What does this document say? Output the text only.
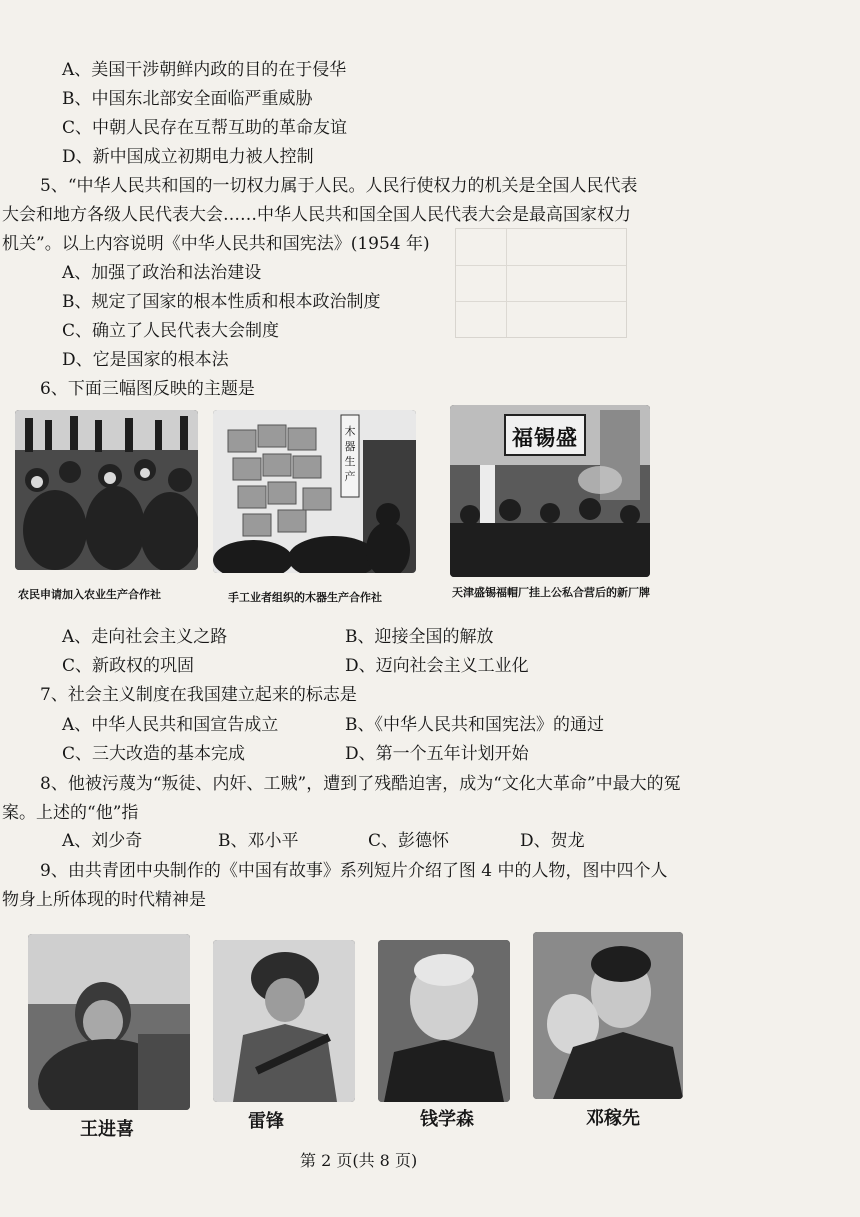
A、美国干涉朝鲜内政的目的在于侵华
B、中国东北部安全面临严重威胁
C、中朝人民存在互帮互助的革命友谊
D、新中国成立初期电力被人控制
5、“中华人民共和国的一切权力属于人民。人民行使权力的机关是全国人民代表
大会和地方各级人民代表大会……中华人民共和国全国人民代表大会是最高国家权力
机关”。以上内容说明《中华人民共和国宪法》(1954 年)
A、加强了政治和法治建设
B、规定了国家的根本性质和根本政治制度
C、确立了人民代表大会制度
D、它是国家的根本法
6、下面三幅图反映的主题是
农民申请加入农业生产合作社
木
器
生
产
手工业者组织的木器生产合作社
福锡盛
天津盛锡福帽厂挂上公私合营后的新厂牌
A、走向社会主义之路	B、迎接全国的解放
C、新政权的巩固	D、迈向社会主义工业化
7、社会主义制度在我国建立起来的标志是
A、中华人民共和国宣告成立	B、《中华人民共和国宪法》的通过
C、三大改造的基本完成	D、第一个五年计划开始
8、他被污蔑为“叛徒、内奸、工贼”，遭到了残酷迫害，成为“文化大革命”中最大的冤
案。上述的“他”指
A、刘少奇	B、邓小平	C、彭德怀	D、贺龙
9、由共青团中央制作的《中国有故事》系列短片介绍了图 4 中的人物，图中四个人
物身上所体现的时代精神是
王进喜	雷锋	钱学森	邓稼先
第 2 页(共 8 页)
